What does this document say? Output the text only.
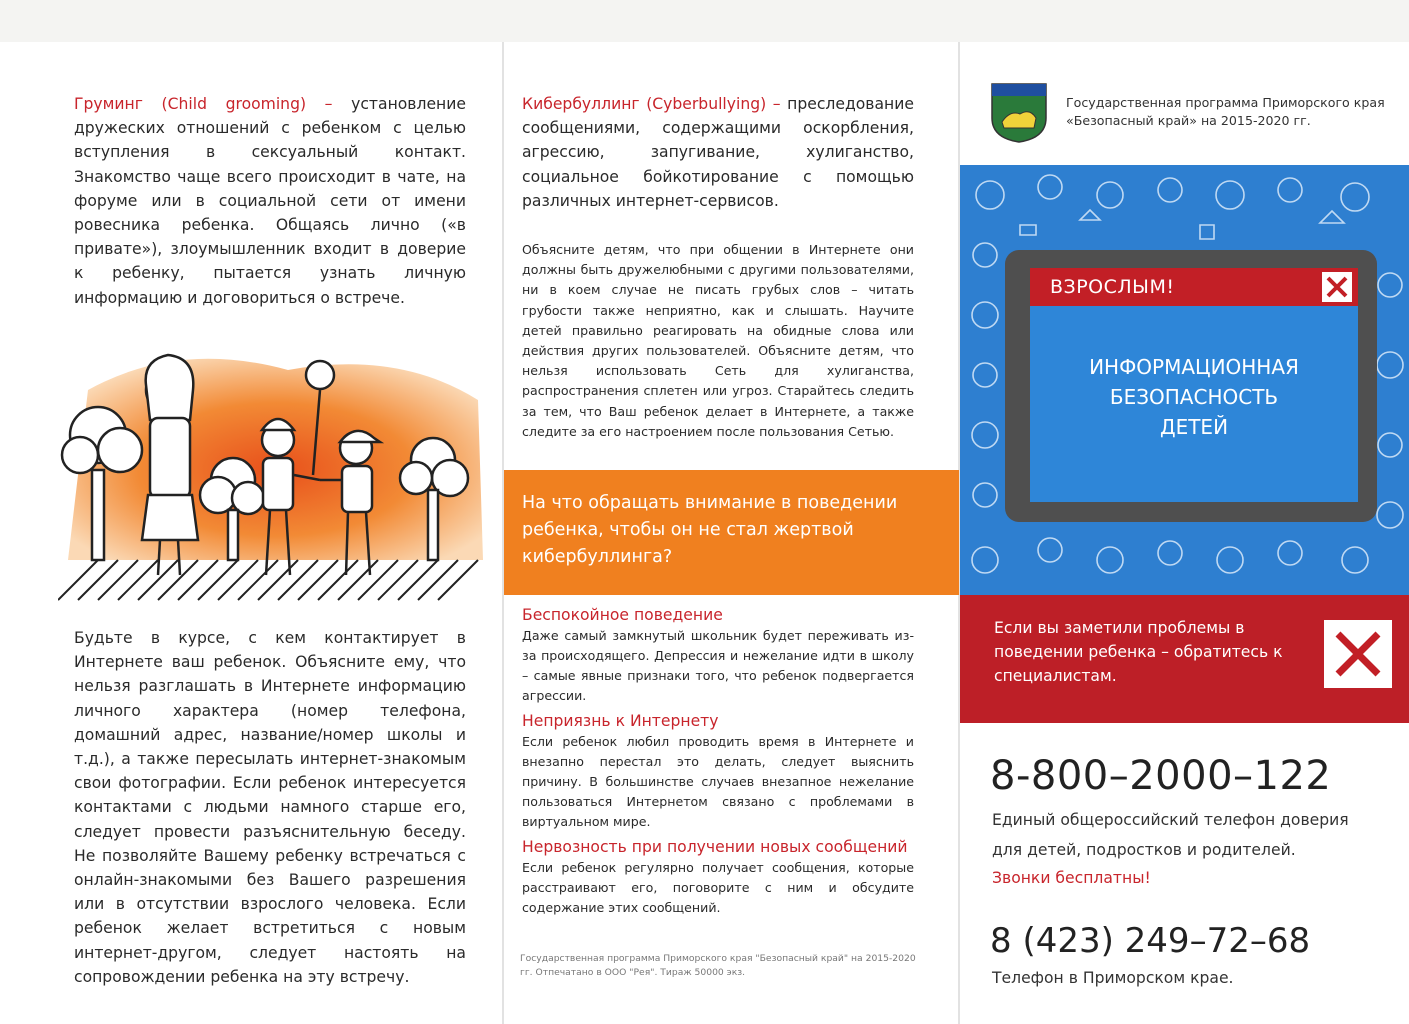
Груминг (Child grooming) – установление дружеских отношений с ребенком с целью вступления в сексуальный контакт. Знакомство чаще всего происходит в чате, на форуме или в социальной сети от имени ровесника ребенка. Общаясь лично («в привате»), злоумышленник входит в доверие к ребенку, пытается узнать личную информацию и договориться о встрече.

Будьте в курсе, с кем контактирует в Интернете ваш ребенок. Объясните ему, что нельзя разглашать в Интернете информацию личного характера (номер телефона, домашний адрес, название/номер школы и т.д.), а также пересылать интернет-знакомым свои фотографии. Если ребенок интересуется контактами с людьми намного старше его, следует провести разъяснительную беседу. Не позволяйте Вашему ребенку встречаться с онлайн-знакомыми без Вашего разрешения или в отсутствии взрослого человека. Если ребенок желает встретиться с новым интернет-другом, следует настоять на сопровождении ребенка на эту встречу.

Кибербуллинг (Cyberbullying) – преследование сообщениями, содержащими оскорбления, агрессию, запугивание, хулиганство, социальное бойкотирование с помощью различных интернет-сервисов.

Объясните детям, что при общении в Интернете они должны быть дружелюбными с другими пользователями, ни в коем случае не писать грубых слов – читать грубости также неприятно, как и слышать. Научите детей правильно реагировать на обидные слова или действия других пользователей. Объясните детям, что нельзя использовать Сеть для хулиганства, распространения сплетен или угроз. Старайтесь следить за тем, что Ваш ребенок делает в Интернете, а также следите за его настроением после пользования Сетью.

На что обращать внимание в поведении ребенка, чтобы он не стал жертвой кибербуллинга?
Беспокойное поведение
Даже самый замкнутый школьник будет переживать из-за происходящего. Депрессия и нежелание идти в школу – самые явные признаки того, что ребенок подвергается агрессии.
Неприязнь к Интернету
Если ребенок любил проводить время в Интернете и внезапно перестал это делать, следует выяснить причину. В большинстве случаев внезапное нежелание пользоваться Интернетом связано с проблемами в виртуальном мире.
Нервозность при получении новых сообщений
Если ребенок регулярно получает сообщения, которые расстраивают его, поговорите с ним и обсудите содержание этих сообщений.
Государственная программа Приморского края "Безопасный край" на 2015-2020 гг. Отпечатано в ООО "Рея". Тираж 50000 экз.
Государственная программа Приморского края
«Безопасный край» на 2015-2020 гг.
ВЗРОСЛЫМ!
ИНФОРМАЦИОННАЯ
БЕЗОПАСНОСТЬ
ДЕТЕЙ
Если вы заметили проблемы в поведении ребенка – обратитесь к специалистам.
8-800–2000–122
Единый общероссийский телефон доверия
для детей, подростков и родителей.
Звонки бесплатны!
8 (423) 249–72–68
Телефон в Приморском крае.
